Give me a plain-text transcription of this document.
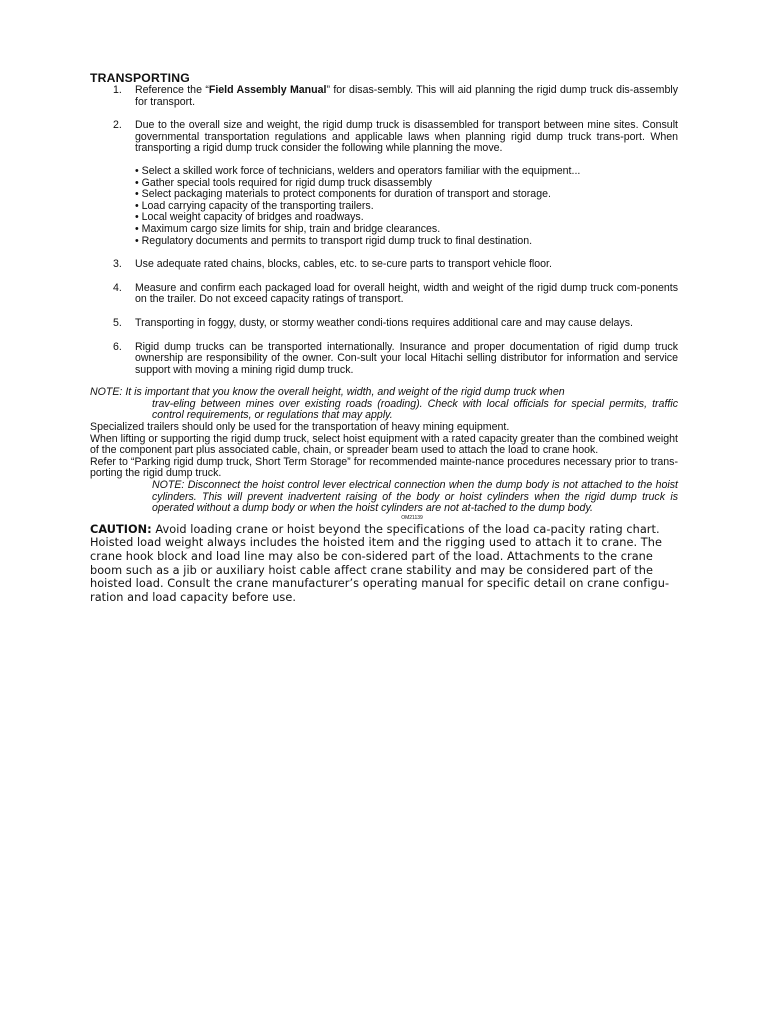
TRANSPORTING
1. Reference the “Field Assembly Manual” for disas-sembly. This will aid planning the rigid dump truck dis-assembly for transport.
2. Due to the overall size and weight, the rigid dump truck is disassembled for transport between mine sites. Consult governmental transportation regulations and applicable laws when planning rigid dump truck trans-port. When transporting a rigid dump truck consider the following while planning the move.
• Select a skilled work force of technicians, welders and operators familiar with the equipment...
• Gather special tools required for rigid dump truck disassembly
• Select packaging materials to protect components for duration of transport and storage.
• Load carrying capacity of the transporting trailers.
• Local weight capacity of bridges and roadways.
• Maximum cargo size limits for ship, train and bridge clearances.
• Regulatory documents and permits to transport rigid dump truck to final destination.
3. Use adequate rated chains, blocks, cables, etc. to se-cure parts to transport vehicle floor.
4. Measure and confirm each packaged load for overall height, width and weight of the rigid dump truck com-ponents on the trailer. Do not exceed capacity ratings of transport.
5. Transporting in foggy, dusty, or stormy weather condi-tions requires additional care and may cause delays.
6. Rigid dump trucks can be transported internationally. Insurance and proper documentation of rigid dump truck ownership are responsibility of the owner. Con-sult your local Hitachi selling distributor for information and service support with moving a mining rigid dump truck.
NOTE: It is important that you know the overall height, width, and weight of the rigid dump truck when
trav-eling between mines over existing roads (roading). Check with local officials for special permits, traffic control requirements, or regulations that may apply.
Specialized trailers should only be used for the transportation of heavy mining equipment.
When lifting or supporting the rigid dump truck, select hoist equipment with a rated capacity greater than the combined weight of the component part plus associated cable, chain, or spreader beam used to attach the load to crane hook.
Refer to “Parking rigid dump truck, Short Term Storage” for recommended mainte-nance procedures necessary prior to trans-porting the rigid dump truck.
NOTE: Disconnect the hoist control lever electrical connection when the dump body is not attached to the hoist cylinders. This will prevent inadvertent raising of the body or hoist cylinders when the rigid dump truck is operated without a dump body or when the hoist cylinders are not at-tached to the dump body.
OM21139
CAUTION: Avoid loading crane or hoist beyond the specifications of the load ca-pacity rating chart. Hoisted load weight always includes the hoisted item and the rigging used to attach it to crane. The crane hook block and load line may also be con-sidered part of the load. Attachments to the crane boom such as a jib or auxiliary hoist cable affect crane stability and may be considered part of the hoisted load. Consult the crane manufacturer’s operating manual for specific detail on crane configu-ration and load capacity before use.
